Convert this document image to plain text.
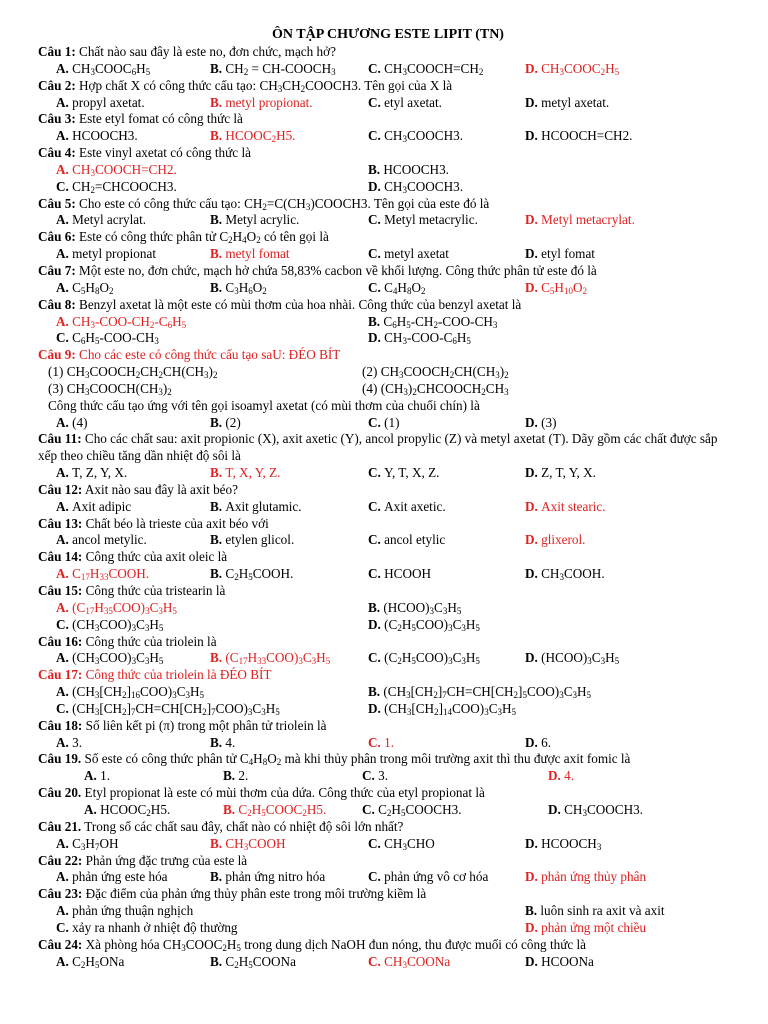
ÔN TẬP CHƯƠNG ESTE LIPIT (TN)
Câu 1: Chất nào sau đây là este no, đơn chức, mạch hở?
A. $CH_3COOC_6H_5$	B. $CH_2$ = $CH-COOCH_3$ C. $CH_3COOCH=CH_2$	D. $CH_3COOC_2H_5$
Câu 2: Hợp chất X có công thức cấu tạo: $CH_3CH_2COOCH3$. Tên gọi của X là
A. propyl axetat.	B. metyl propionat.	C. etyl axetat.	D. metyl axetat.
Câu 3: Este etyl fomat có công thức là
A. HCOOCH3.	B. $HCOOC_2H5$.	C. $CH_3COOCH3$.	D. HCOOCH=CH2.
Câu 4: Este vinyl axetat có công thức là
A. $CH_3COOCH=CH2$.	B. HCOOCH3.
C. $CH_2=CHCOOCH3$.	D. $CH_3COOCH3$.
Câu 5: Cho este có công thức cấu tạo: $CH_2=C(CH_3)COOCH3$. Tên gọi của este đó là
A. Metyl acrylat.	B. Metyl acrylic.	C. Metyl metacrylic.	D. Metyl metacrylat.
Câu 6: Este có công thức phân tử $C_2H_4O_2$ có tên gọi là
A. metyl propionat	B. metyl fomat	C. metyl axetat	D. etyl fomat
Câu 7: Một este no, đơn chức, mạch hở chứa 58,83% cacbon về khối lượng. Công thức phân tử este đó là
A. $C_5H_8O_2$	B. $C_3H_6O_2$	C. $C_4H_8O_2$	D. $C_5H_{10}O_2$
Câu 8: Benzyl axetat là một este có mùi thơm của hoa nhài. Công thức của benzyl axetat là
A. $CH_3-COO-CH_2-C_6H_5$	B. $C_6H_5-CH_2-COO-CH_3$
C. $C_6H_5-COO-CH_3$	D. $CH_3-COO-C_6H_5$
Câu 9: Cho các este có công thức cấu tạo saU: ĐÉO BÍT
(1) $CH_3COOCH_2CH_2CH(CH_3)_2$	(2) $CH_3COOCH_2CH(CH_3)_2$
(3) $CH_3COOCH(CH_3)_2$	(4) $(CH_3)_2CHCOOCH_2CH_3$
Công thức cấu tạo ứng với tên gọi isoamyl axetat (có mùi thơm của chuối chín) là
A. (4)	B. (2)	C. (1)	D. (3)
Câu 11: Cho các chất sau: axit propionic (X), axit axetic (Y), ancol propylic (Z) và metyl axetat (T). Dãy gồm các chất được sắp xếp theo chiều tăng dần nhiệt độ sôi là
A. T, Z, Y, X.	B. T, X, Y, Z.	C. Y, T, X, Z.	D. Z, T, Y, X.
Câu 12: Axit nào sau đây là axit béo?
A. Axit adipic	B. Axit glutamic.	C. Axit axetic.	D. Axit stearic.
Câu 13: Chất béo là trieste của axit béo với
A. ancol metylic.	B. etylen glicol.	C. ancol etylic	D. glixerol.
Câu 14: Công thức của axit oleic là
A. $C_{17}H_{33}COOH$.	B. $C_2H_5COOH$.	C. HCOOH	D. $CH_3COOH$.
Câu 15: Công thức của tristearin là
A. $(C_{17}H_{35}COO)_3C_3H_5$	B. $(HCOO)_3C_3H_5$
C. $(CH_3COO)_3C_3H_5$	D. $(C_2H_5COO)_3C_3H_5$
Câu 16: Công thức của triolein là
A. $(CH_3COO)_3C_3H_5$	B. $(C_{17}H_{33}COO)_3C_3H_5$	C. $(C_2H_5COO)_3C_3H_5$	D. $(HCOO)_3C_3H_5$
Câu 17: Công thức của triolein là ĐÉO BÍT
A. $(CH_3[CH_2]_{16}COO)_3C_3H_5$	B. $(CH_3[CH_2]_7CH=CH[CH_2]_5COO)_3C_3H_5$
C. $(CH_3[CH_2]_7CH=CH[CH_2]_7COO)_3C_3H_5$	D. $(CH_3[CH_2]_{14}COO)_3C_3H_5$
Câu 18: Số liên kết pi (π) trong một phân tử triolein là
A. 3.	B. 4.	C. 1.	D. 6.
Câu 19. Số este có công thức phân tử $C_4H_8O_2$ mà khi thủy phân trong môi trường axit thì thu được axit fomic là
A. 1.	B. 2.	C. 3.	D. 4.
Câu 20. Etyl propionat là este có mùi thơm của dứa. Công thức của etyl propionat là
A. $HCOOC_2H5$.	B. $C_2H_5COOC_2H5$.	C. $C_2H_5COOCH3$.	D. $CH_3COOCH3$.
Câu 21. Trong số các chất sau đây, chất nào có nhiệt độ sôi lớn nhất?
A. $C_3H_7OH$	B. $CH_3COOH$	C. $CH_3CHO$	D. $HCOOCH_3$
Câu 22: Phản ứng đặc trưng của este là
A. phản ứng este hóa	B. phản ứng nitro hóa	C. phản ứng vô cơ hóa	D. phản ứng thủy phân
Câu 23: Đặc điểm của phản ứng thủy phân este trong môi trường kiềm là
A. phản ứng thuận nghịch	B. luôn sinh ra axit và axit
C. xảy ra nhanh ở nhiệt độ thường	D. phản ứng một chiều
Câu 24: Xà phòng hóa $CH_3COOC_2H_5$ trong dung dịch NaOH đun nóng, thu được muối có công thức là
A. $C_2H_5ONa$	B. $C_2H_5COONa$	C. $CH_3COONa$	D. HCOONa
